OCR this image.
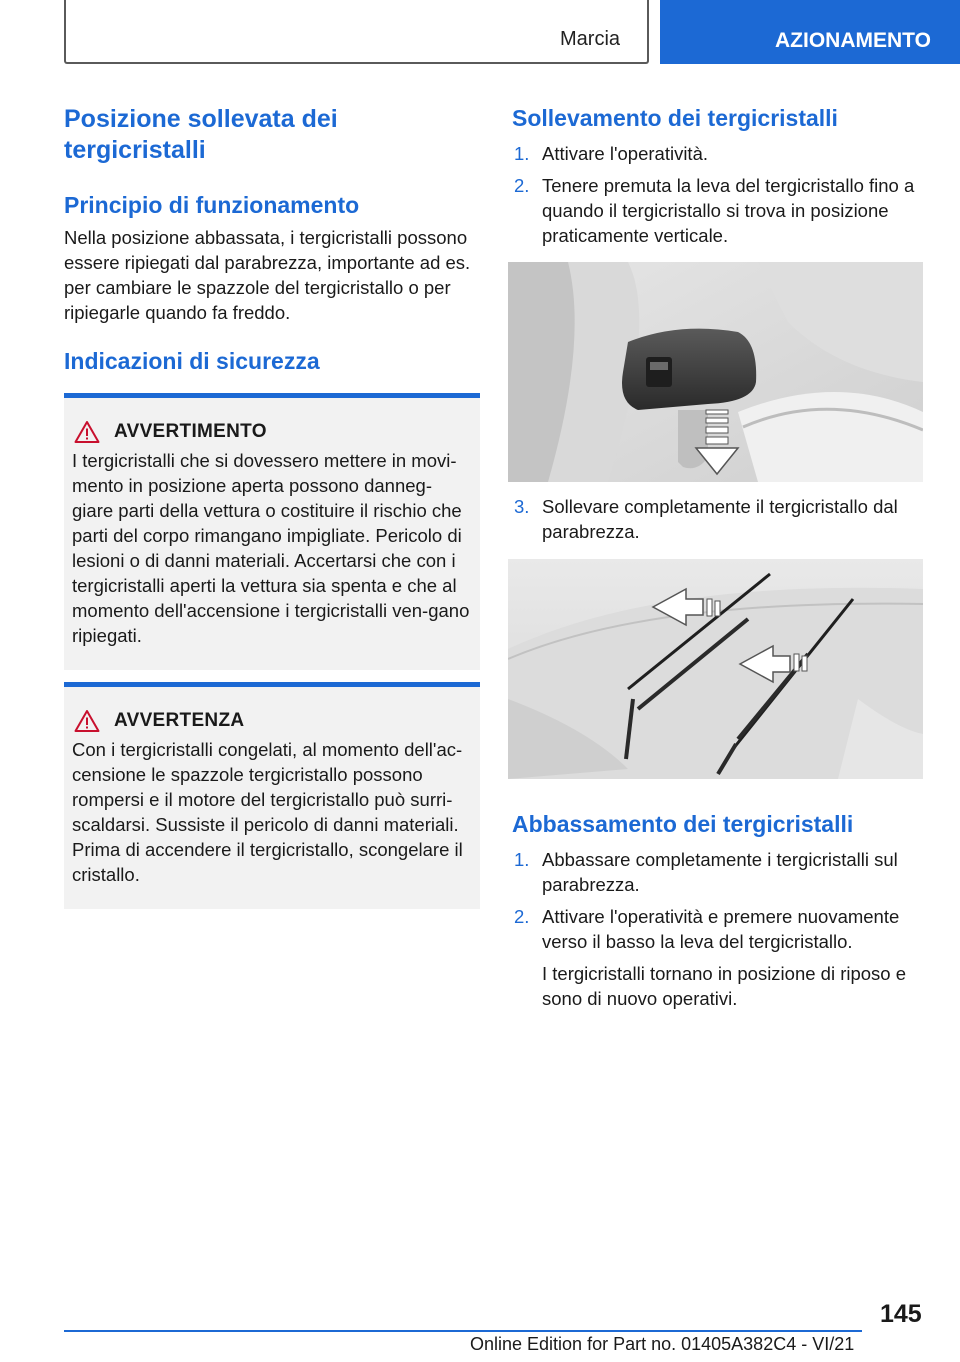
Marcia	AZIONAMENTO
Posizione sollevata dei tergicristalli
Principio di funzionamento

Nella posizione abbassata, i tergicristalli possono essere ripiegati dal parabrezza, importante ad es. per cambiare le spazzole del tergicristallo o per ripiegarle quando fa freddo.

Indicazioni di sicurezza
AVVERTIMENTO

I tergicristalli che si dovessero mettere in movi-mento in posizione aperta possono danneg-giare parti della vettura o costituire il rischio che parti del corpo rimangano impigliate. Pericolo di lesioni o di danni materiali. Accertarsi che con i tergicristalli aperti la vettura sia spenta e che al momento dell'accensione i tergicristalli ven-gano ripiegati.

AVVERTENZA

Con i tergicristalli congelati, al momento dell'ac-censione le spazzole tergicristallo possono rompersi e il motore del tergicristallo può surri-scaldarsi. Sussiste il pericolo di danni materiali. Prima di accendere il tergicristallo, scongelare il cristallo.

Sollevamento dei tergicristalli
1. Attivare l'operatività.
2. Tenere premuta la leva del tergicristallo fino a quando il tergicristallo si trova in posizione praticamente verticale.
3. Sollevare completamente il tergicristallo dal parabrezza.
Abbassamento dei tergicristalli
1. Abbassare completamente i tergicristalli sul parabrezza.
2. Attivare l'operatività e premere nuovamente verso il basso la leva del tergicristallo.

I tergicristalli tornano in posizione di riposo e sono di nuovo operativi.

145
Online Edition for Part no. 01405A382C4 - VI/21
